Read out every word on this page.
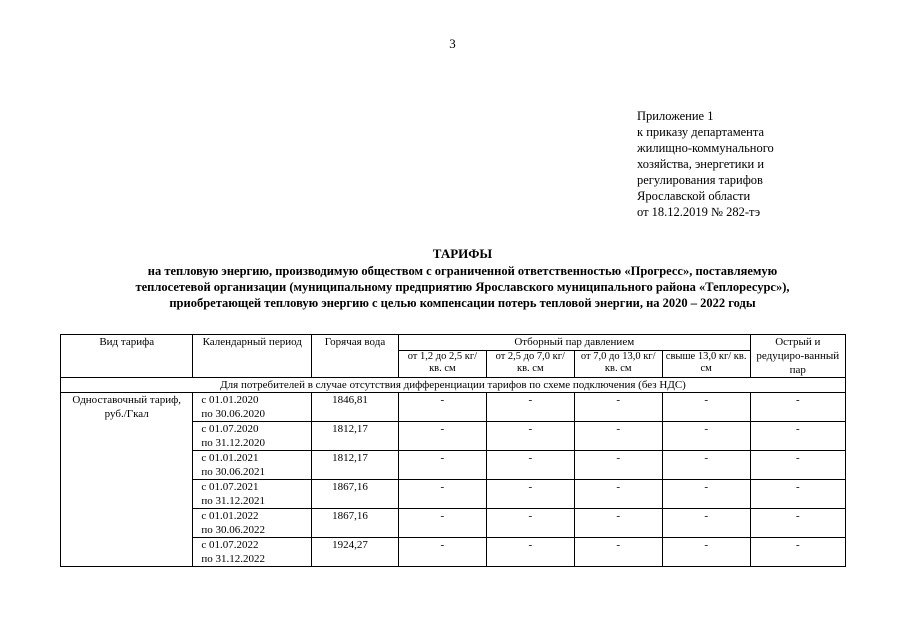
3
Приложение 1
к приказу департамента
жилищно-коммунального
хозяйства, энергетики и
регулирования тарифов
Ярославской области
от 18.12.2019 № 282-тэ
ТАРИФЫ
на тепловую энергию, производимую обществом с ограниченной ответственностью «Прогресс», поставляемую
теплосетевой организации (муниципальному предприятию Ярославского муниципального района «Теплоресурс»),
приобретающей тепловую энергию с целью компенсации потерь тепловой энергии, на 2020 – 2022 годы
Вид тарифа	Календарный период	Горячая вода	Отборный пар давлением				Острый и редуциро-ванный пар
			от 1,2 до 2,5 кг/ кв. см	от 2,5 до 7,0 кг/ кв. см	от 7,0 до 13,0 кг/ кв. см	свыше 13,0 кг/ кв. см	
Для потребителей в случае отсутствия дифференциации тарифов по схеме подключения (без НДС)							
Одноставочный тариф, руб./Гкал	с 01.01.2020
по 30.06.2020	1846,81	-	-	-	-	-

	с 01.07.2020
по 31.12.2020	1812,17	-	-	-	-	-

	с 01.01.2021
по 30.06.2021	1812,17	-	-	-	-	-

	с 01.07.2021
по 31.12.2021	1867,16	-	-	-	-	-

	с 01.01.2022
по 30.06.2022	1867,16	-	-	-	-	-

	с 01.07.2022
по 31.12.2022	1924,27	-	-	-	-	-
